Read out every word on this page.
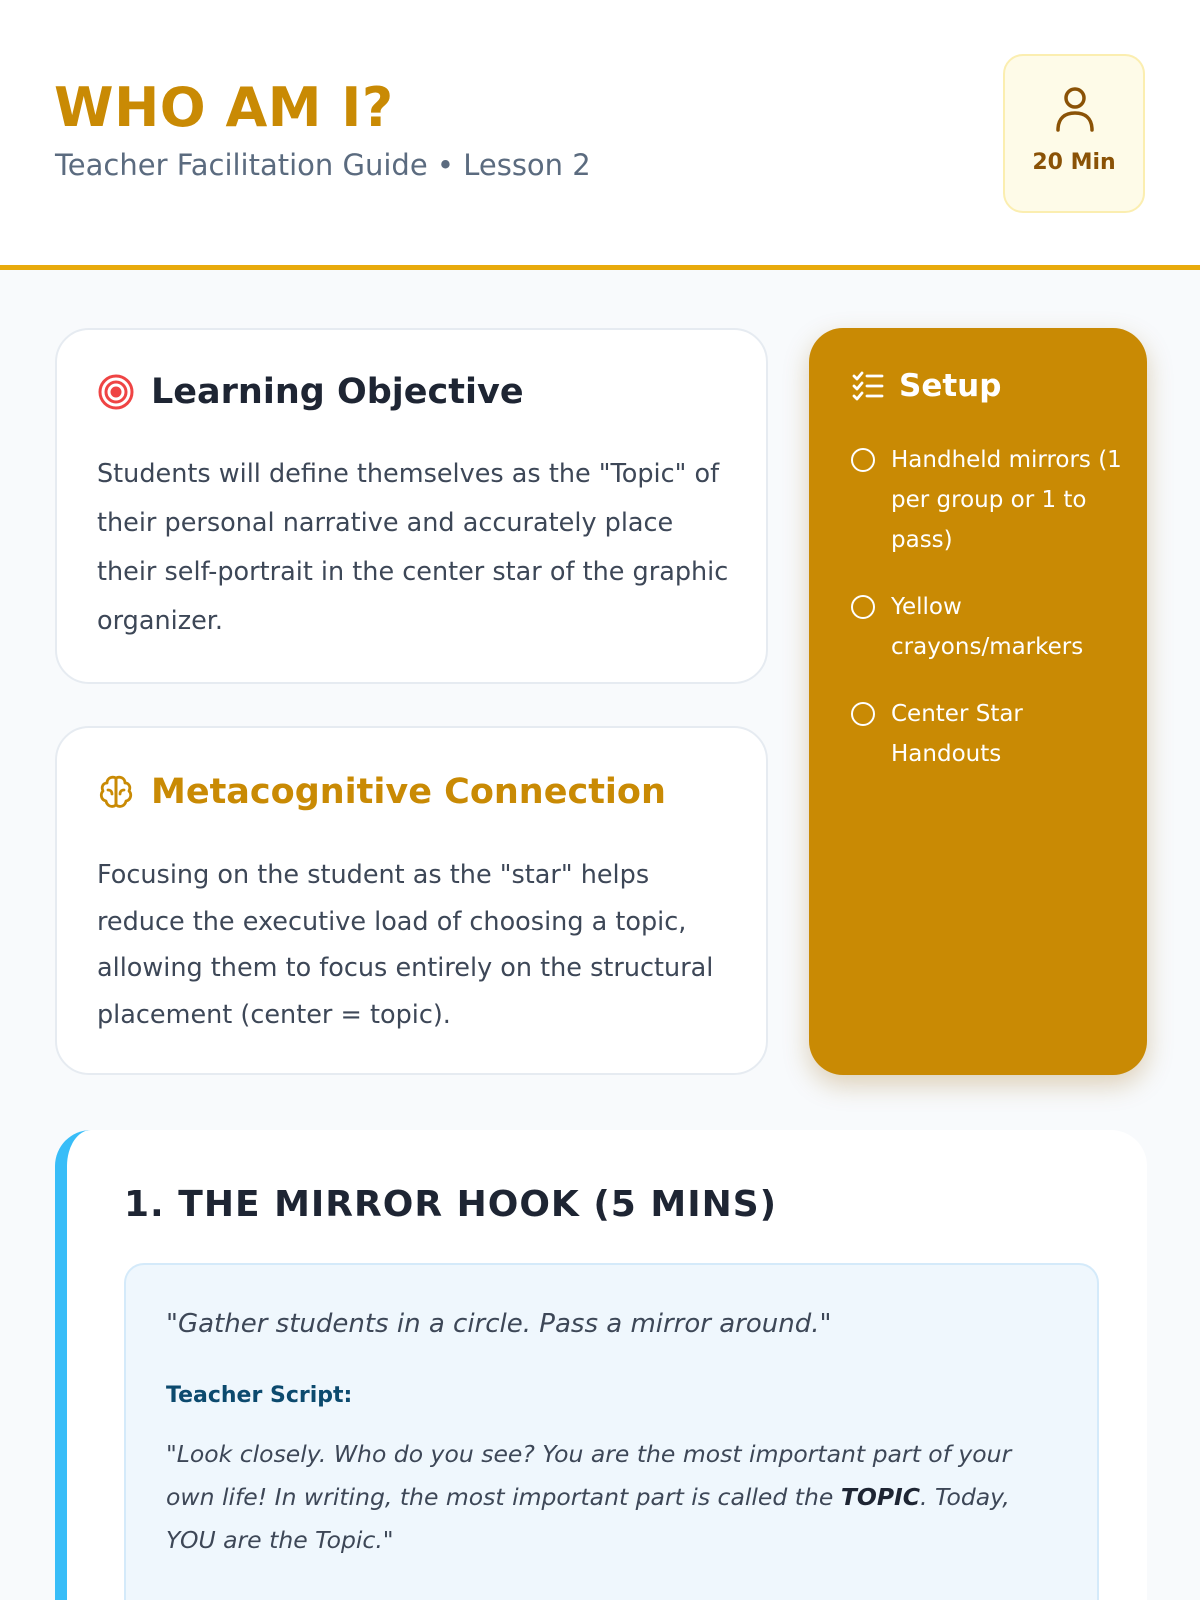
WHO AM I?
Teacher Facilitation Guide • Lesson 2	20 Min
Learning Objective

Students will define themselves as the "Topic" of their personal narrative and accurately place their self-portrait in the center star of the graphic organizer.

Metacognitive Connection

Focusing on the student as the "star" helps reduce the executive load of choosing a topic, allowing them to focus entirely on the structural placement (center = topic).

Setup
Handheld mirrors (1 per group or 1 to pass)
Yellow crayons/markers
Center Star Handouts
1. THE MIRROR HOOK (5 MINS)

"Gather students in a circle. Pass a mirror around."

Teacher Script:

"Look closely. Who do you see? You are the most important part of your own life! In writing, the most important part is called the TOPIC. Today, YOU are the Topic."
